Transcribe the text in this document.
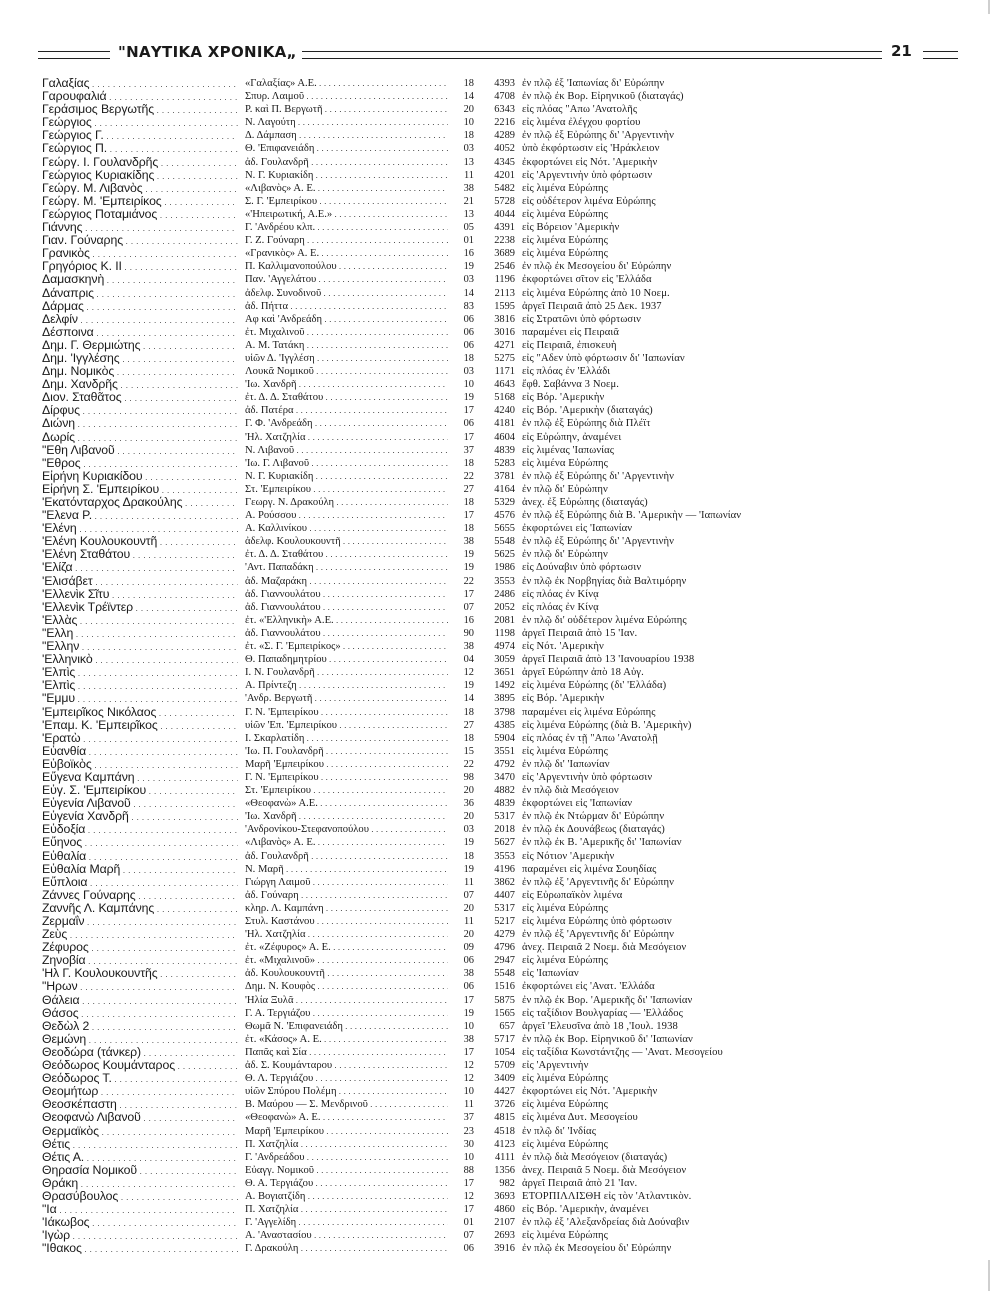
"ΝΑΥΤΙΚΑ ΧΡΟΝΙΚΑ„	21
Γαλαξίας . . .	«Γαλαξίας» Α.Ε. . . .	18	4393 ἐν πλῷ ἐξ 'Ιαπωνίας δι' Εὐρώπην
Γαρουφαλιά . . .	Σπυρ. Λαιμοῦ . . .	14	4708 ἐν πλῷ ἐκ Βορ. Εἰρηνικοῦ (διαταγάς)
Γεράσιμος Βεργωτῆς . . .	Ρ. καὶ Π. Βεργωτῆ . . .	20	6343 εἰς πλόας "Απω 'Ανατολῆς
Γεώργιος . . .	Ν. Λαγούτη . . .	10	2216 εἰς λιμένα ἐλέγχου φορτίου
Γεώργιος Γ. . . .	Δ. Δάμπαση . . .	18	4289 ἐν πλῷ ἐξ Εὐρώπης δι' 'Αργεντινὴν
Γεώργιος Π. . . .	Θ. 'Επιφανειάδη . . .	03	4052 ὑπὸ ἐκφόρτωσιν εἰς 'Ηράκλειον
Γεώργ. Ι. Γουλανδρῆς . . .	ἀδ. Γουλανδρῆ . . .	13	4345 ἐκφορτώνει εἰς Νότ. 'Αμερικὴν
Γεώργιος Κυριακίδης . . .	Ν. Γ. Κυριακίδη . . .	11	4201 εἰς 'Αργεντινὴν ὑπὸ φόρτωσιν
Γεώργ. Μ. Λιβανὸς . . .	«Λιβανὸς» Α. Ε. . . .	38	5482 εἰς λιμένα Εὐρώπης
Γεώργ. Μ. 'Εμπειρίκος . . .	Σ. Γ. 'Εμπειρίκου . . .	21	5728 εἰς οὐδέτερον λιμένα Εὐρώπης
Γεώργιος Ποταμιάνος . . .	«'Ηπειρωτική, Α.Ε.» . . .	13	4044 εἰς λιμένα Εὐρώπης
Γιάννης . . .	Γ. 'Ανδρέου κλπ. . . .	05	4391 εἰς Βόρειον 'Αμερικὴν
Γιαν. Γούναρης . . .	Γ. Ζ. Γούναρη . . .	01	2238 εἰς λιμένα Εὐρώπης
Γρανικὸς . . .	«Γρανικὸς» Α. Ε. . . .	16	3689 εἰς λιμένα Εὐρώπης
Γρηγόριος Κ. ΙΙ . . .	Π. Καλλιμανοπούλου . . .	19	2546 ἐν πλῷ ἐκ Μεσογείου δι' Εὐρώπην
Δαμασκηνὴ . . .	Παν. 'Αγγελάτου . . .	03	1196 ἐκφορτώνει σῖτον εἰς 'Ελλάδα
Δάναπρις . . .	ἀδελφ. Συνοδινοῦ . . .	14	2113 εἰς λιμένα Εὐρώπης ἀπὸ 10 Νοεμ.
Δάρμας . . .	ἀδ. Πήττα . . .	83	1595 ἀργεῖ Πειραιᾶ ἀπὸ 25 Δεκ. 1937
Δελφίν . . .	Αφ καὶ 'Ανδρεάδη . . .	06	3816 εἰς Στρατῶνι ὑπὸ φόρτωσιν
Δέσποινα . . .	ἐτ. Μιχαλινοῦ . . .	06	3016 παραμένει εἰς Πειραιᾶ
Δημ. Γ. Θερμιώτης . . .	Α. Μ. Τατάκη . . .	06	4271 εἰς Πειραιᾶ, ἐπισκευὴ
Δημ. 'Ιγγλέσης . . .	υἱῶν Δ. 'Ιγγλέση . . .	18	5275 εἰς "Αδεν ὑπὸ φόρτωσιν δι' 'Ιαπωνίαν
Δημ. Νομικὸς . . .	Λουκᾶ Νομικοῦ . . .	03	1171 εἰς πλόας ἐν 'Ελλάδι
Δημ. Χανδρῆς . . .	'Ιω. Χανδρῆ . . .	10	4643 ἔφθ. Σαβάννα 3 Νοεμ.
Διον. Σταθᾶτος . . .	ἐτ. Δ. Δ. Σταθάτου . . .	19	5168 εἰς Βόρ. 'Αμερικὴν
Δίρφυς . . .	ἀδ. Πατέρα . . .	17	4240 εἰς Βόρ. 'Αμερικὴν (διαταγάς)
Διώνη . . .	Γ. Φ. 'Ανδρεάδη . . .	06	4181 ἐν πλῷ ἐξ Εὐρώπης διὰ Πλέϊτ
Δωρίς . . .	'Ηλ. Χατζηλία . . .	17	4604 εἰς Εὐρώπην, ἀναμένει
"Εθη Λιβανοῦ . . .	Ν. Λιβανοῦ . . .	37	4839 εἰς λιμένας 'Ιαπωνίας
"Εθρος . . .	'Ιω. Γ. Λιβανοῦ . . .	18	5283 εἰς λιμένα Εὐρώπης
Εἰρήνη Κυριακίδου . . .	Ν. Γ. Κυριακίδη . . .	22	3781 ἐν πλῷ ἐξ Εὐρώπης δι' 'Αργεντινὴν
Εἰρήνη Σ. 'Εμπειρίκου . . .	Στ. 'Εμπειρίκου . . .	27	4164 ἐν πλῷ δι' Εὐρώπην
'Εκατόνταρχος Δρακούλης . . .	Γεωργ. Ν. Δρακούλη . . .	18	5329 ἀνεχ. ἐξ Εὐρώπης (διαταγάς)
"Ελενα Ρ. . . .	Α. Ρούσσου . . .	17	4576 ἐν πλῷ ἐξ Εὐρώπης διὰ Β. 'Αμερικὴν — 'Ιαπωνίαν
'Ελένη . . .	Α. Καλλινίκου . . .	18	5655 ἐκφορτώνει εἰς 'Ιαπωνίαν
'Ελένη Κουλουκουντῆ . . .	ἀδελφ. Κουλουκουντῆ . . .	38	5548 ἐν πλῷ ἐξ Εὐρώπης δι' 'Αργεντινὴν
'Ελένη Σταθάτου . . .	ἐτ. Δ. Δ. Σταθάτου . . .	19	5625 ἐν πλῷ δι' Εὐρώπην
'Ελίζα . . .	'Αντ. Παπαδάκη . . .	19	1986 εἰς Δούναβιν ὑπὸ φόρτωσιν
'Ελισάβετ . . .	ἀδ. Μαζαράκη . . .	22	3553 ἐν πλῷ ἐκ Νορβηγίας διὰ Βαλτιμόρην
'Ελλενὶκ Σῖτυ . . .	ἀδ. Γιαννουλάτου . . .	17	2486 εἰς πλόας ἐν Κίνᾳ
'Ελλενὶκ Τρέϊντερ . . .	ἀδ. Γιαννουλάτου . . .	07	2052 εἰς πλόας ἐν Κίνᾳ
'Ελλὰς . . .	ἐτ. «'Ελληνικὴ» Α.Ε. . . .	16	2081 ἐν πλῷ δι' οὐδέτερον λιμένα Εὐρώπης
"Ελλη . . .	ἀδ. Γιαννουλάτου . . .	90	1198 ἀργεῖ Πειραιᾶ ἀπὸ 15 'Ιαν.
"Ελλην . . .	ἐτ. «Σ. Γ. 'Εμπειρίκος» . . .	38	4974 εἰς Νότ. 'Αμερικὴν
'Ελληνικὸ . . .	Θ. Παπαδημητρίου . . .	04	3059 ἀργεῖ Πειραιᾶ ἀπὸ 13 'Ιανουαρίου 1938
'Ελπὶς . . .	Ι. Ν. Γουλανδρῆ . . .	12	3651 ἀργεῖ Εὐρώπην ἀπὸ 18 Αὐγ.
'Ελπὶς . . .	Α. Πρίντεζη . . .	19	1492 εἰς λιμένα Εὐρώπης (δι' 'Ελλάδα)
"Εμμυ . . .	'Ανδρ. Βεργωτῆ . . .	14	3895 εἰς Βόρ. 'Αμερικὴν
'Εμπειρῖκος Νικόλαος . . .	Γ. Ν. 'Εμπειρίκου . . .	18	3798 παραμένει εἰς λιμένα Εὐρώπης
'Επαμ. Κ. 'Εμπειρῖκος . . .	υἱῶν 'Επ. 'Εμπειρίκου . . .	27	4385 εἰς λιμένα Εὐρώπης (διὰ Β. 'Αμερικὴν)
'Ερατὼ . . .	Ι. Σκαρλατίδη . . .	18	5904 εἰς πλόας ἐν τῇ "Απω 'Ανατολῇ
Εὐανθία . . .	'Ιω. Π. Γουλανδρῆ . . .	15	3551 εἰς λιμένα Εὐρώπης
Εὐβοϊκὸς . . .	Μαρῆ 'Εμπειρίκου . . .	22	4792 ἐν πλῷ δι' 'Ιαπωνίαν
Εὔγενα Καμπάνη . . .	Γ. Ν. 'Εμπειρίκου . . .	98	3470 εἰς 'Αργεντινὴν ὑπὸ φόρτωσιν
Εὐγ. Σ. 'Εμπειρίκου . . .	Στ. 'Εμπειρίκου . . .	20	4882 ἐν πλῷ διὰ Μεσόγειον
Εὐγενία Λιβανοῦ . . .	«Θεοφανὼ» Α.Ε. . . .	36	4839 ἐκφορτώνει εἰς 'Ιαπωνίαν
Εὐγενία Χανδρῆ . . .	'Ιω. Χανδρῆ . . .	20	5317 ἐν πλῷ ἐκ Ντώρμαν δι' Εὐρώπην
Εὐδοξία . . .	'Ανδρονίκου-Στεφανοπούλου . . .	03	2018 ἐν πλῷ ἐκ Δουνάβεως (διαταγάς)
Εὔηνος . . .	«Λιβανὸς» Α. Ε. . . .	19	5627 ἐν πλῷ ἐκ Β. 'Αμερικῆς δι' 'Ιαπωνίαν
Εὐθαλία . . .	ἀδ. Γουλανδρῆ . . .	18	3553 εἰς Νότιον 'Αμερικὴν
Εὐθαλία Μαρῆ . . .	Ν. Μαρῆ . . .	19	4196 παραμένει εἰς λιμένα Σουηδίας
Εὔπλοια . . .	Γιώργη Λαιμοῦ . . .	11	3862 ἐν πλῷ ἐξ 'Αργεντινῆς δι' Εὐρώπην
Ζάννες Γούναρης . . .	ἀδ. Γούναρη . . .	07	4407 εἰς Εὐρωπαϊκὸν λιμένα
Ζαννῆς Λ. Καμπάνης . . .	κληρ. Λ. Καμπάνη . . .	20	5317 εἰς λιμένα Εὐρώπης
Ζερμαΐν . . .	Στυλ. Καστάνου . . .	11	5217 εἰς λιμένα Εὐρώπης ὑπὸ φόρτωσιν
Ζεὺς . . .	'Ηλ. Χατζηλία . . .	20	4279 ἐν πλῷ ἐξ 'Αργεντινῆς δι' Εὐρώπην
Ζέφυρος . . .	ἐτ. «Ζέφυρος» Α. Ε. . . .	09	4796 ἀνεχ. Πειραιᾶ 2 Νοεμ. διὰ Μεσόγειον
Ζηνοβία . . .	ἐτ. «Μιχαλινοῦ» . . .	06	2947 εἰς λιμένα Εὐρώπης
'Ηλ Γ. Κουλουκουντῆς . . .	ἀδ. Κουλουκουντῆ . . .	38	5548 εἰς 'Ιαπωνίαν
"Ηρων . . .	Δημ. Ν. Κουφὸς . . .	06	1516 ἐκφορτώνει εἰς 'Ανατ. 'Ελλάδα
Θάλεια . . .	'Ηλία Ξυλᾶ . . .	17	5875 ἐν πλῷ ἐκ Βορ. 'Αμερικῆς δι' 'Ιαπωνίαν
Θάσος . . .	Γ. Α. Τεργιάζου . . .	19	1565 εἰς ταξίδιον Βουλγαρίας — 'Ελλάδος
Θεδὼλ 2 . . .	Θωμᾶ Ν. 'Επιφανειάδη . . .	10	657 ἀργεῖ 'Ελευσῖνα ἀπὸ 18 ,'Ιουλ. 1938
Θεμώνη . . .	ἐτ. «Κάσος» Α. Ε. . . .	38	5717 ἐν πλῷ ἐκ Βορ. Εἰρηνικοῦ δι' 'Ιαπωνίαν
Θεοδώρα (τάνκερ) . . .	Παπᾶς καὶ Σία . . .	17	1054 εἰς ταξίδια Κωνστάντζης — 'Ανατ. Μεσογείου
Θεόδωρος Κουμάνταρος . . .	ἀδ. Σ. Κουμάνταρου . . .	12	5709 εἰς 'Αργεντινὴν
Θεόδωρος Τ. . . .	Θ. Λ. Τεργιάζου . . .	12	3409 εἰς λιμένα Εὐρώπης
Θεομήτωρ . . .	υἱῶν Σπύρου Πολέμη . . .	10	4427 ἐκφορτώνει εἰς Νότ. 'Αμερικὴν
Θεοσκέπαστη . . .	Β. Μαύρου — Σ. Μενδρινοῦ . . .	11	3726 εἰς λιμένα Εὐρώπης
Θεοφανὼ Λιβανοῦ . . .	«Θεοφανὼ» Α. Ε. . . .	37	4815 εἰς λιμένα Δυτ. Μεσογείου
Θερμαϊκὸς . . .	Μαρῆ 'Εμπειρίκου . . .	23	4518 ἐν πλῷ δι' 'Ινδίας
Θέτις . . .	Π. Χατζηλία . . .	30	4123 εἰς λιμένα Εὐρώπης
Θέτις Α. . . .	Γ. 'Ανδρεάδου . . .	10	4111 ἐν πλῷ διὰ Μεσόγειον (διαταγάς)
Θηρασία Νομικοῦ . . .	Εὐαγγ. Νομικοῦ . . .	88	1356 ἀνεχ. Πειραιᾶ 5 Νοεμ. διὰ Μεσόγειον
Θράκη . . .	Θ. Α. Τεργιάζου . . .	17	982 ἀργεῖ Πειραιᾶ ἀπὸ 21 'Ιαν.
Θρασύβουλος . . .	Α. Βογιατζίδη . . .	12	3693 ΕΤΟΡΠΙΛΛΙΣΘΗ εἰς τὸν 'Ατλαντικὸν.
"Ια . . .	Π. Χατζηλία . . .	17	4860 εἰς Βόρ. 'Αμερικὴν, ἀναμένει
'Ιάκωβος . . .	Γ. 'Αγγελίδη . . .	01	2107 ἐν πλῷ ἐξ 'Αλεξανδρείας διὰ Δούναβιν
'Ιγὼρ . . .	Α. 'Αναστασίου . . .	07	2693 εἰς λιμένα Εὐρώπης
"Ιθακος . . .	Γ. Δρακούλη . . .	06	3916 ἐν πλῷ ἐκ Μεσογείου δι' Εὐρώπην
